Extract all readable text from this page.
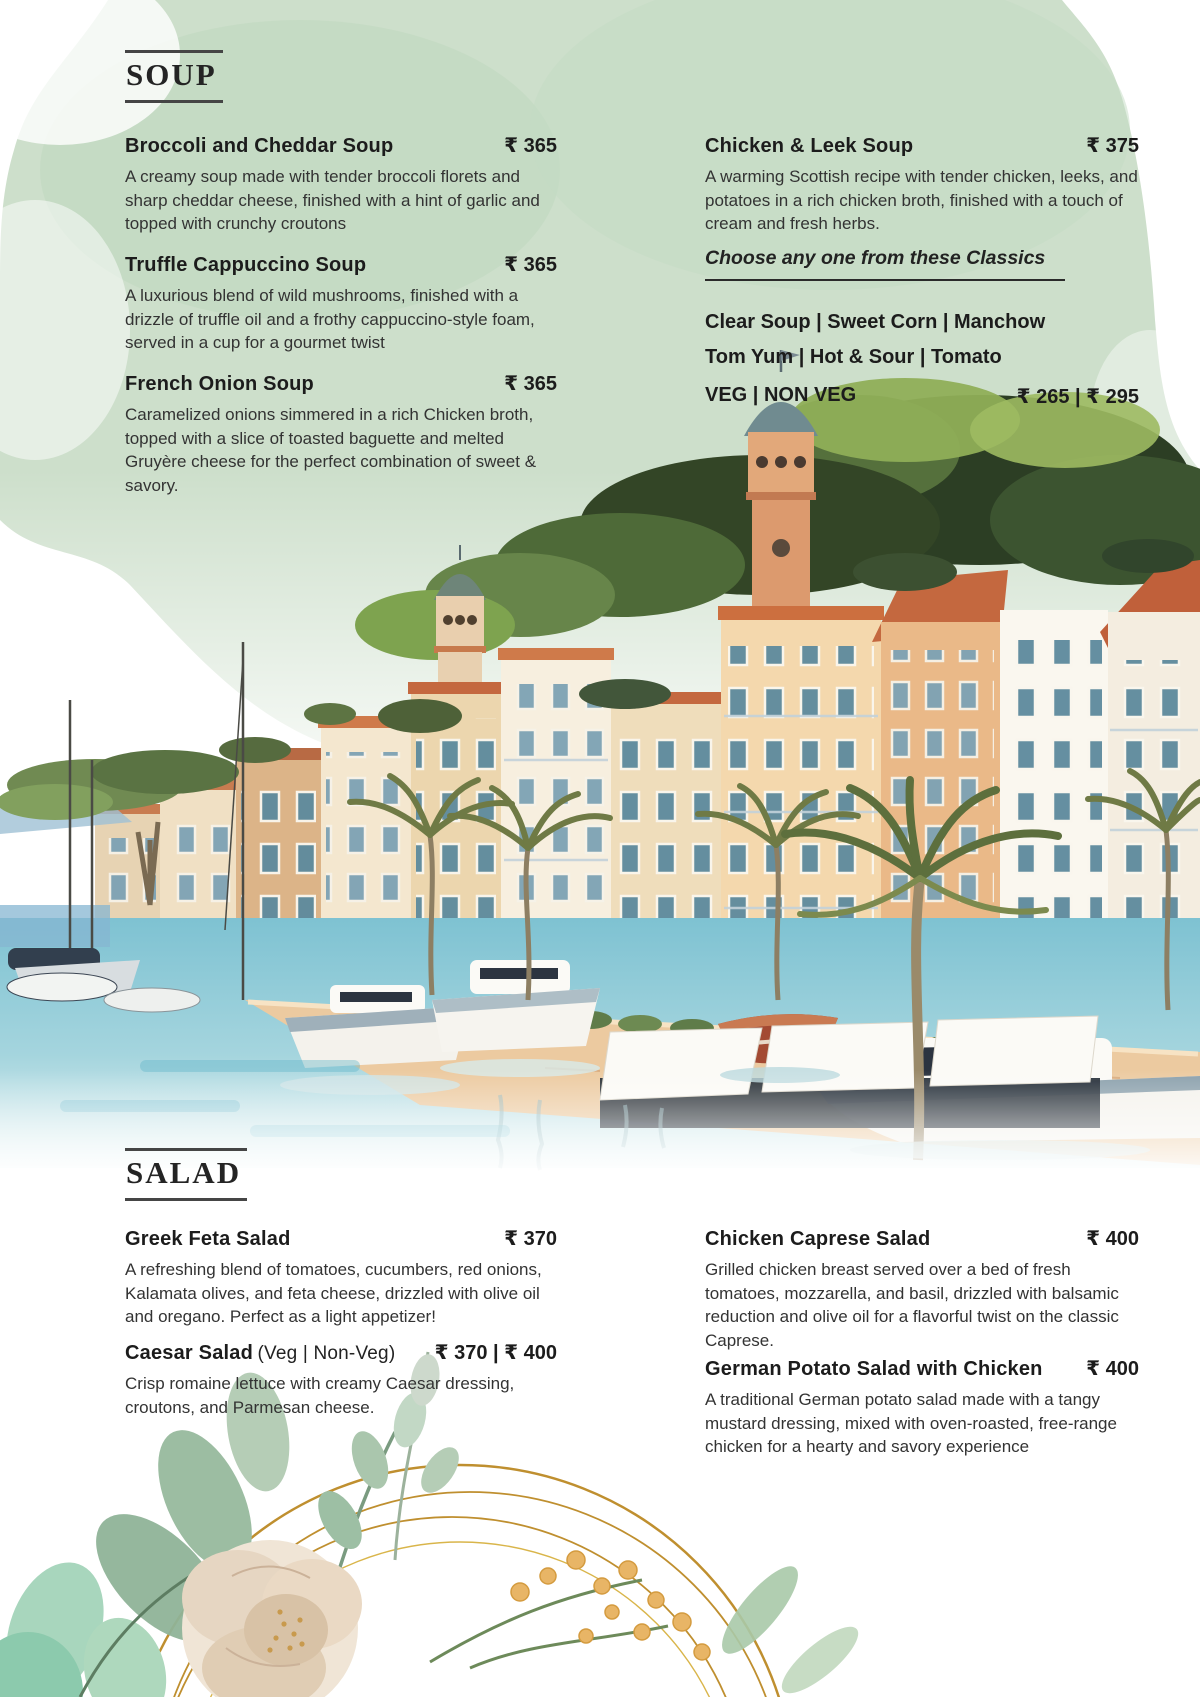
SOUP
Broccoli and Cheddar Soup	₹ 365

A creamy soup made with tender broccoli florets and sharp cheddar cheese, finished with a hint of garlic and topped with crunchy croutons

Truffle Cappuccino Soup	₹ 365

A luxurious blend of wild mushrooms, finished with a drizzle of truffle oil and a frothy cappuccino-style foam, served in a cup for a gourmet twist

French Onion Soup	₹ 365

Caramelized onions simmered in a rich Chicken broth, topped with a slice of toasted baguette and melted Gruyère cheese for the perfect combination of sweet & savory.

Chicken & Leek Soup	₹ 375

A warming Scottish recipe with tender chicken, leeks, and potatoes in a rich chicken broth, finished with a touch of cream and fresh herbs.

Choose any one from these Classics
Clear Soup | Sweet Corn | Manchow
Tom Yum | Hot & Sour | Tomato
VEG | NON VEG	₹ 265 | ₹ 295
SALAD
Greek Feta Salad	₹ 370

A refreshing blend of tomatoes, cucumbers, red onions, Kalamata olives, and feta cheese, drizzled with olive oil and oregano. Perfect as a light appetizer!

Caesar Salad (Veg | Non-Veg) ₹ 370 | ₹ 400

Crisp romaine lettuce with creamy Caesar dressing, croutons, and Parmesan cheese.

Chicken Caprese Salad	₹ 400

Grilled chicken breast served over a bed of fresh tomatoes, mozzarella, and basil, drizzled with balsamic reduction and olive oil for a flavorful twist on the classic Caprese.

German Potato Salad with Chicken ₹ 400

A traditional German potato salad made with a tangy mustard dressing, mixed with oven-roasted, free-range chicken for a hearty and savory experience
